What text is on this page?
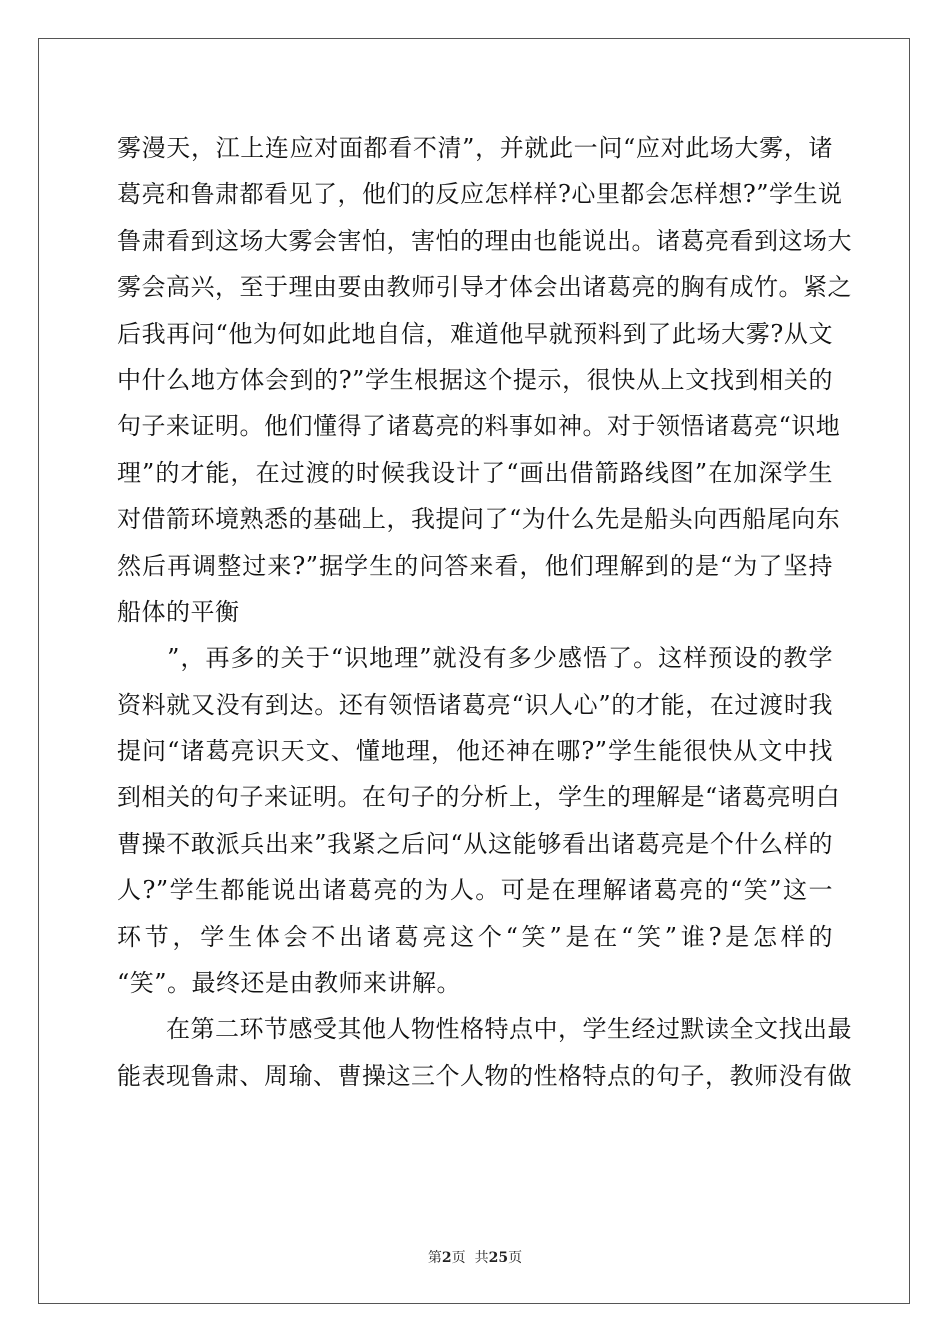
雾漫天，江上连应对面都看不清”，并就此一问“应对此场大雾，诸
葛亮和鲁肃都看见了，他们的反应怎样样?心里都会怎样想?”学生说
鲁肃看到这场大雾会害怕，害怕的理由也能说出。诸葛亮看到这场大
雾会高兴，至于理由要由教师引导才体会出诸葛亮的胸有成竹。紧之
后我再问“他为何如此地自信，难道他早就预料到了此场大雾?从文
中什么地方体会到的?”学生根据这个提示，很快从上文找到相关的
句子来证明。他们懂得了诸葛亮的料事如神。对于领悟诸葛亮“识地
理”的才能，在过渡的时候我设计了“画出借箭路线图”在加深学生
对借箭环境熟悉的基础上，我提问了“为什么先是船头向西船尾向东
然后再调整过来?”据学生的问答来看，他们理解到的是“为了坚持
船体的平衡
　　”，再多的关于“识地理”就没有多少感悟了。这样预设的教学
资料就又没有到达。还有领悟诸葛亮“识人心”的才能，在过渡时我
提问“诸葛亮识天文、懂地理，他还神在哪?”学生能很快从文中找
到相关的句子来证明。在句子的分析上，学生的理解是“诸葛亮明白
曹操不敢派兵出来”我紧之后问“从这能够看出诸葛亮是个什么样的
人?”学生都能说出诸葛亮的为人。可是在理解诸葛亮的“笑”这一
环节，学生体会不出诸葛亮这个“笑”是在“笑”谁?是怎样的
“笑”。最终还是由教师来讲解。
　　在第二环节感受其他人物性格特点中，学生经过默读全文找出最
能表现鲁肃、周瑜、曹操这三个人物的性格特点的句子，教师没有做
第2页 共25页
